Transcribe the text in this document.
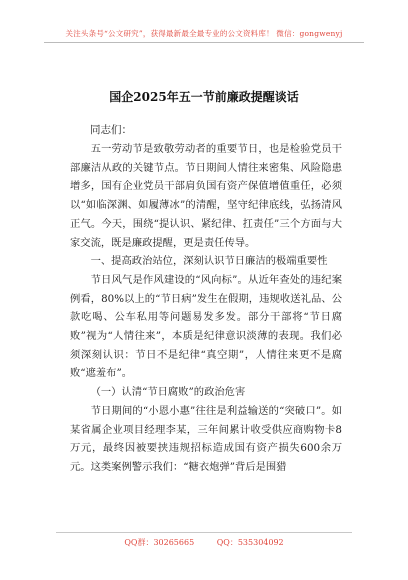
关注头条号“公文研究”，获得最新最全最专业的公文资料库！ 微信：gongwenyj
国企2025年五一节前廉政提醒谈话
同志们：

五一劳动节是致敬劳动者的重要节日，也是检验党员干部廉洁从政的关键节点。节日期间人情往来密集、风险隐患增多，国有企业党员干部肩负国有资产保值增值重任，必须以“如临深渊、如履薄冰”的清醒，坚守纪律底线，弘扬清风正气。今天，围绕“提认识、紧纪律、扛责任”三个方面与大家交流，既是廉政提醒，更是责任传导。

一、提高政治站位，深刻认识节日廉洁的极端重要性

节日风气是作风建设的“风向标”。从近年查处的违纪案例看，80%以上的“节日病”发生在假期，违规收送礼品、公款吃喝、公车私用等问题易发多发。部分干部将“节日腐败”视为“人情往来”，本质是纪律意识淡薄的表现。我们必须深刻认识：节日不是纪律“真空期”，人情往来更不是腐败“遮羞布”。

（一）认清“节日腐败”的政治危害

节日期间的“小恩小惠”往往是利益输送的“突破口”。如某省属企业项目经理李某，三年间累计收受供应商购物卡8万元，最终因被要挟违规招标造成国有资产损失600余万元。这类案例警示我们：“糖衣炮弹”背后是围猎

QQ群：30265665	QQ：535304092
